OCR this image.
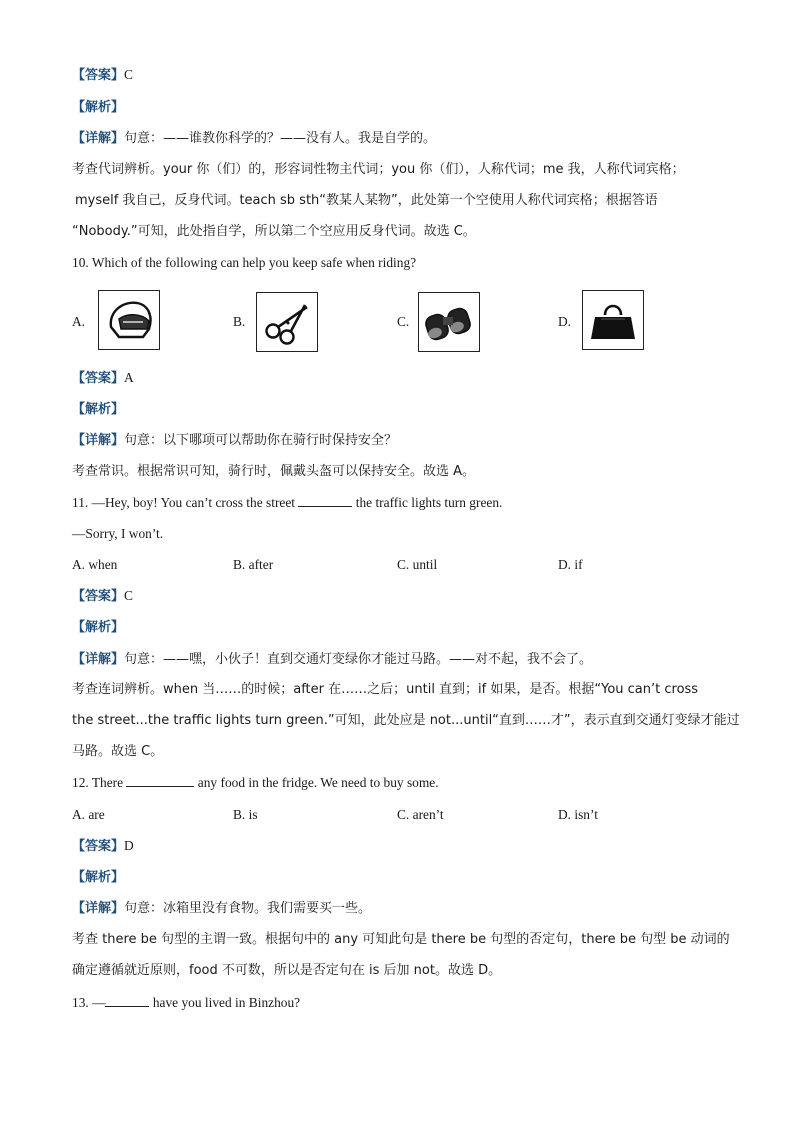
【答案】C
【解析】
【详解】句意：——谁教你科学的？——没有人。我是自学的。
考查代词辨析。your 你（们）的，形容词性物主代词；you 你（们），人称代词；me 我，人称代词宾格；
myself 我自己，反身代词。teach sb sth“教某人某物”，此处第一个空使用人称代词宾格；根据答语
“Nobody.”可知，此处指自学，所以第二个空应用反身代词。故选 C。
10. Which of the following can help you keep safe when riding?
A.	B.	C.	D.
【答案】A
【解析】
【详解】句意：以下哪项可以帮助你在骑行时保持安全？
考查常识。根据常识可知，骑行时，佩戴头盔可以保持安全。故选 A。
11. —Hey, boy! You can’t cross the street	the traffic lights turn green.
—Sorry, I won’t.
A. when	B. after	C. until	D. if
【答案】C
【解析】
【详解】句意：——嘿，小伙子！直到交通灯变绿你才能过马路。——对不起，我不会了。
考查连词辨析。when 当……的时候；after 在……之后；until 直到；if 如果，是否。根据“You can’t cross
the street...the traffic lights turn green.”可知，此处应是 not...until“直到……才”，表示直到交通灯变绿才能过
马路。故选 C。
12. There	any food in the fridge. We need to buy some.
A. are	B. is	C. aren’t	D. isn’t
【答案】D
【解析】
【详解】句意：冰箱里没有食物。我们需要买一些。
考查 there be 句型的主谓一致。根据句中的 any 可知此句是 there be 句型的否定句，there be 句型 be 动词的
确定遵循就近原则，food 不可数，所以是否定句在 is 后加 not。故选 D。
13. —	have you lived in Binzhou?
